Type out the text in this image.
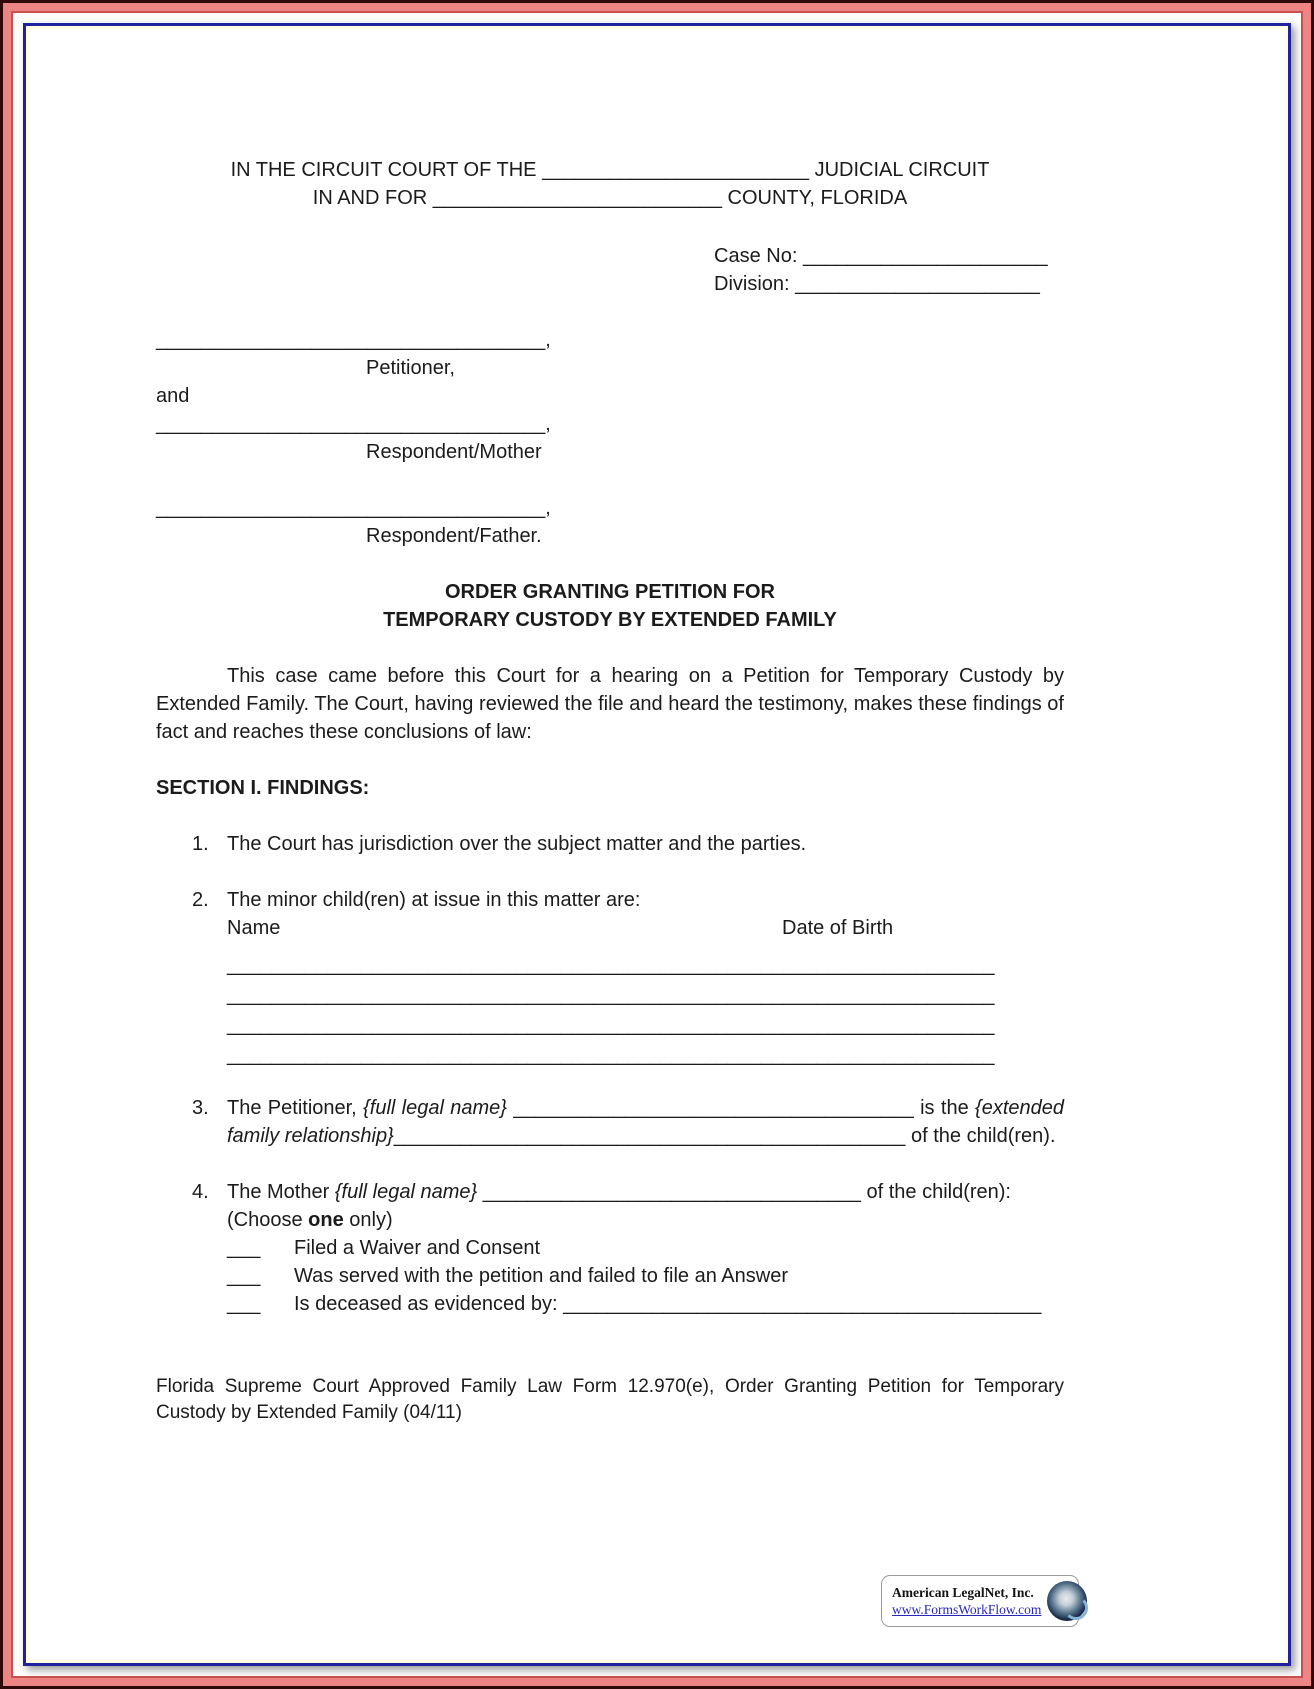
IN THE CIRCUIT COURT OF THE ________________________ JUDICIAL CIRCUIT
IN AND FOR __________________________ COUNTY, FLORIDA
Case No: ______________________
Division: ______________________
___________________________________,
Petitioner,
and
___________________________________,
Respondent/Mother
___________________________________,
Respondent/Father.
ORDER GRANTING PETITION FOR
TEMPORARY CUSTODY BY EXTENDED FAMILY

This case came before this Court for a hearing on a Petition for Temporary Custody by Extended Family. The Court, having reviewed the file and heard the testimony, makes these findings of fact and reaches these conclusions of law:

SECTION I. FINDINGS:
1. The Court has jurisdiction over the subject matter and the parties.
2. The minor child(ren) at issue in this matter are:
Name	Date of Birth
_____________________________________________________________________
_____________________________________________________________________
_____________________________________________________________________
_____________________________________________________________________
3. The Petitioner, {full legal name} ____________________________________ is the {extended family relationship}______________________________________________ of the child(ren).
4. The Mother {full legal name} __________________________________ of the child(ren):
(Choose one only)
___ Filed a Waiver and Consent
___ Was served with the petition and failed to file an Answer
___ Is deceased as evidenced by: ___________________________________________

Florida Supreme Court Approved Family Law Form 12.970(e), Order Granting Petition for Temporary Custody by Extended Family (04/11)

American LegalNet, Inc.
www.FormsWorkFlow.com
